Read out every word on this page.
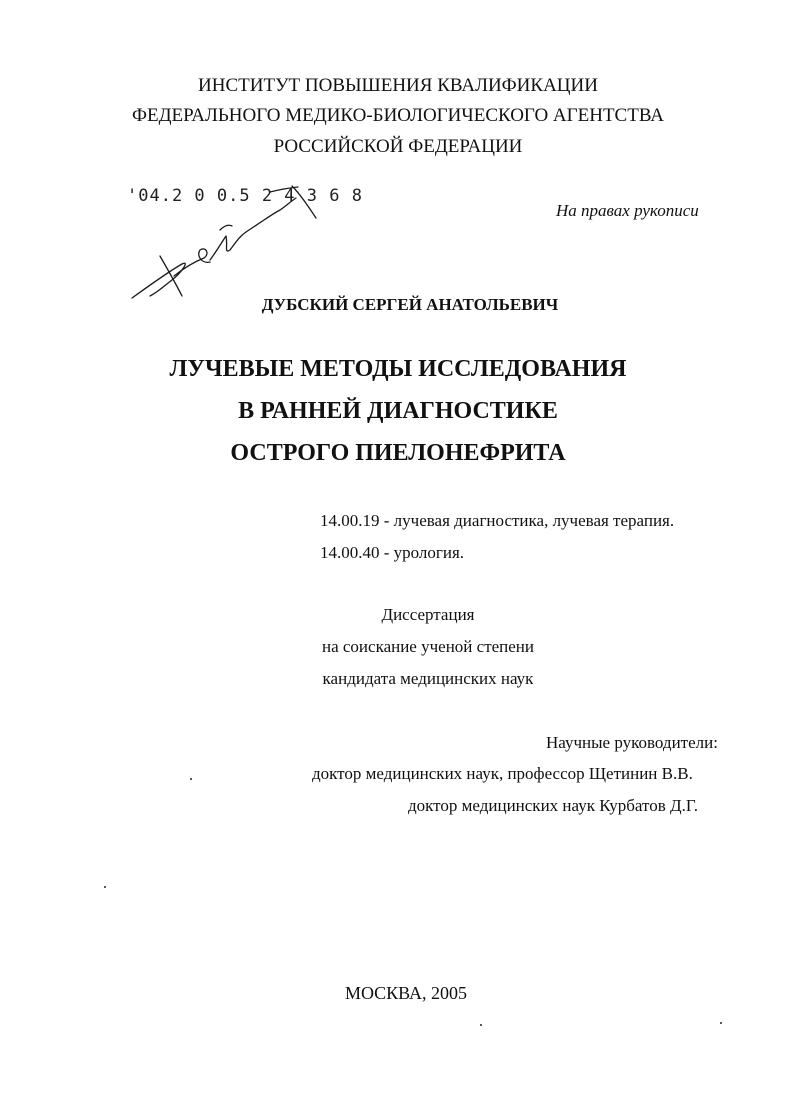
ИНСТИТУТ ПОВЫШЕНИЯ КВАЛИФИКАЦИИ
ФЕДЕРАЛЬНОГО МЕДИКО-БИОЛОГИЧЕСКОГО АГЕНТСТВА
РОССИЙСКОЙ ФЕДЕРАЦИИ
'04.2 0 0.5 2 4 3 6 8
На правах рукописи
ДУБСКИЙ СЕРГЕЙ АНАТОЛЬЕВИЧ
ЛУЧЕВЫЕ МЕТОДЫ ИССЛЕДОВАНИЯ
В РАННЕЙ ДИАГНОСТИКЕ
ОСТРОГО ПИЕЛОНЕФРИТА
14.00.19 - лучевая диагностика, лучевая терапия.
14.00.40 - урология.
Диссертация
на соискание ученой степени
кандидата медицинских наук
Научные руководители:
доктор медицинских наук, профессор Щетинин В.В.
доктор медицинских наук Курбатов Д.Г.
МОСКВА, 2005
